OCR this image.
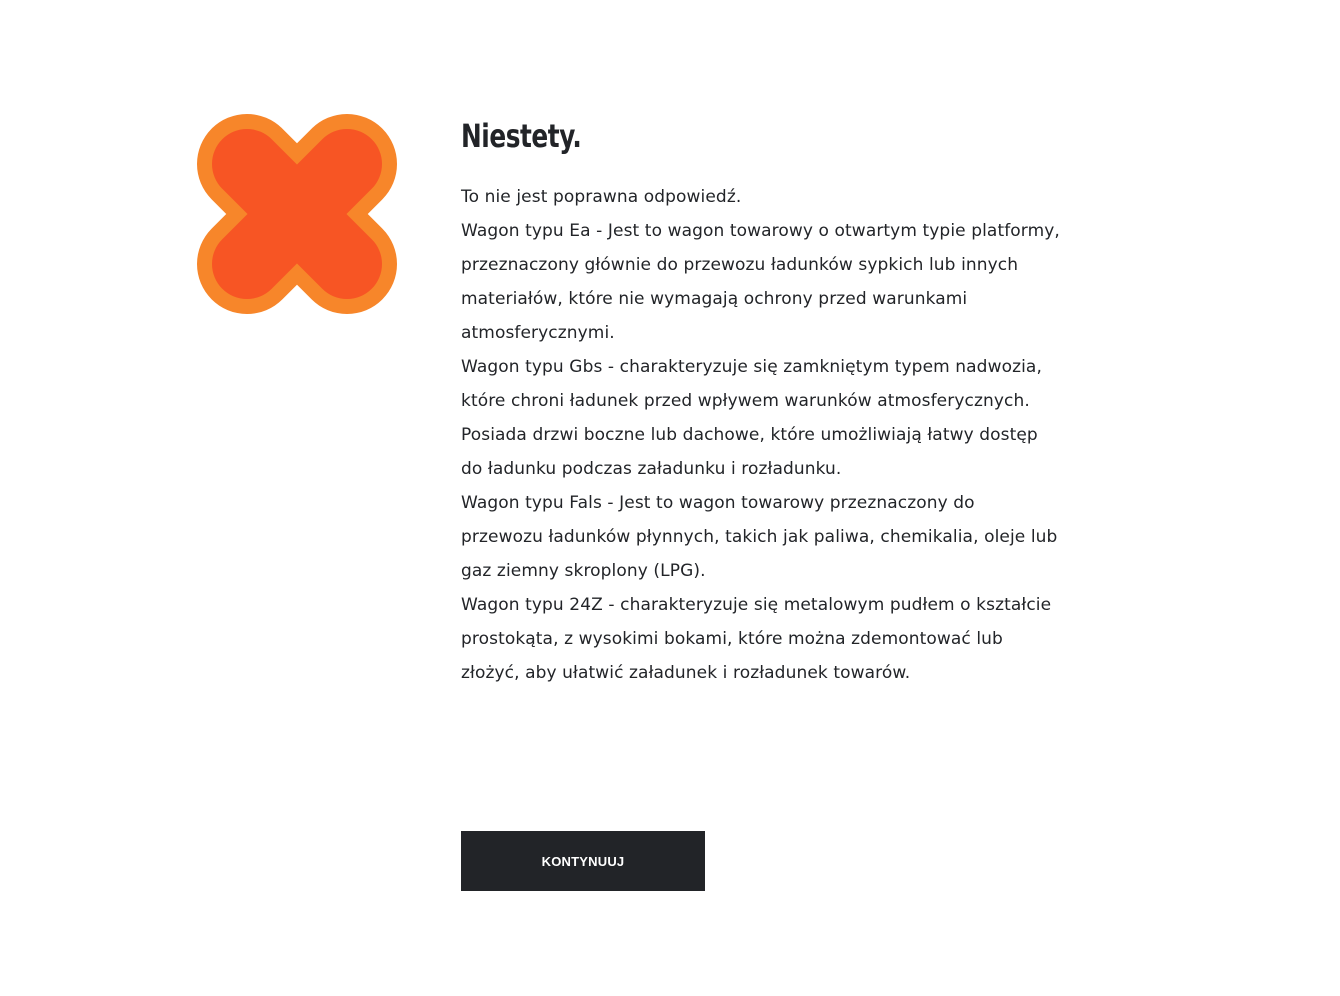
Niestety.

To nie jest poprawna odpowiedź.

Wagon typu Ea - Jest to wagon towarowy o otwartym typie platformy, przeznaczony głównie do przewozu ładunków sypkich lub innych materiałów, które nie wymagają ochrony przed warunkami atmosferycznymi.

Wagon typu Gbs - charakteryzuje się zamkniętym typem nadwozia, które chroni ładunek przed wpływem warunków atmosferycznych. Posiada drzwi boczne lub dachowe, które umożliwiają łatwy dostęp do ładunku podczas załadunku i rozładunku.

Wagon typu Fals - Jest to wagon towarowy przeznaczony do przewozu ładunków płynnych, takich jak paliwa, chemikalia, oleje lub gaz ziemny skroplony (LPG).

Wagon typu 24Z - charakteryzuje się metalowym pudłem o kształcie prostokąta, z wysokimi bokami, które można zdemontować lub złożyć, aby ułatwić załadunek i rozładunek towarów.

KONTYNUUJ
